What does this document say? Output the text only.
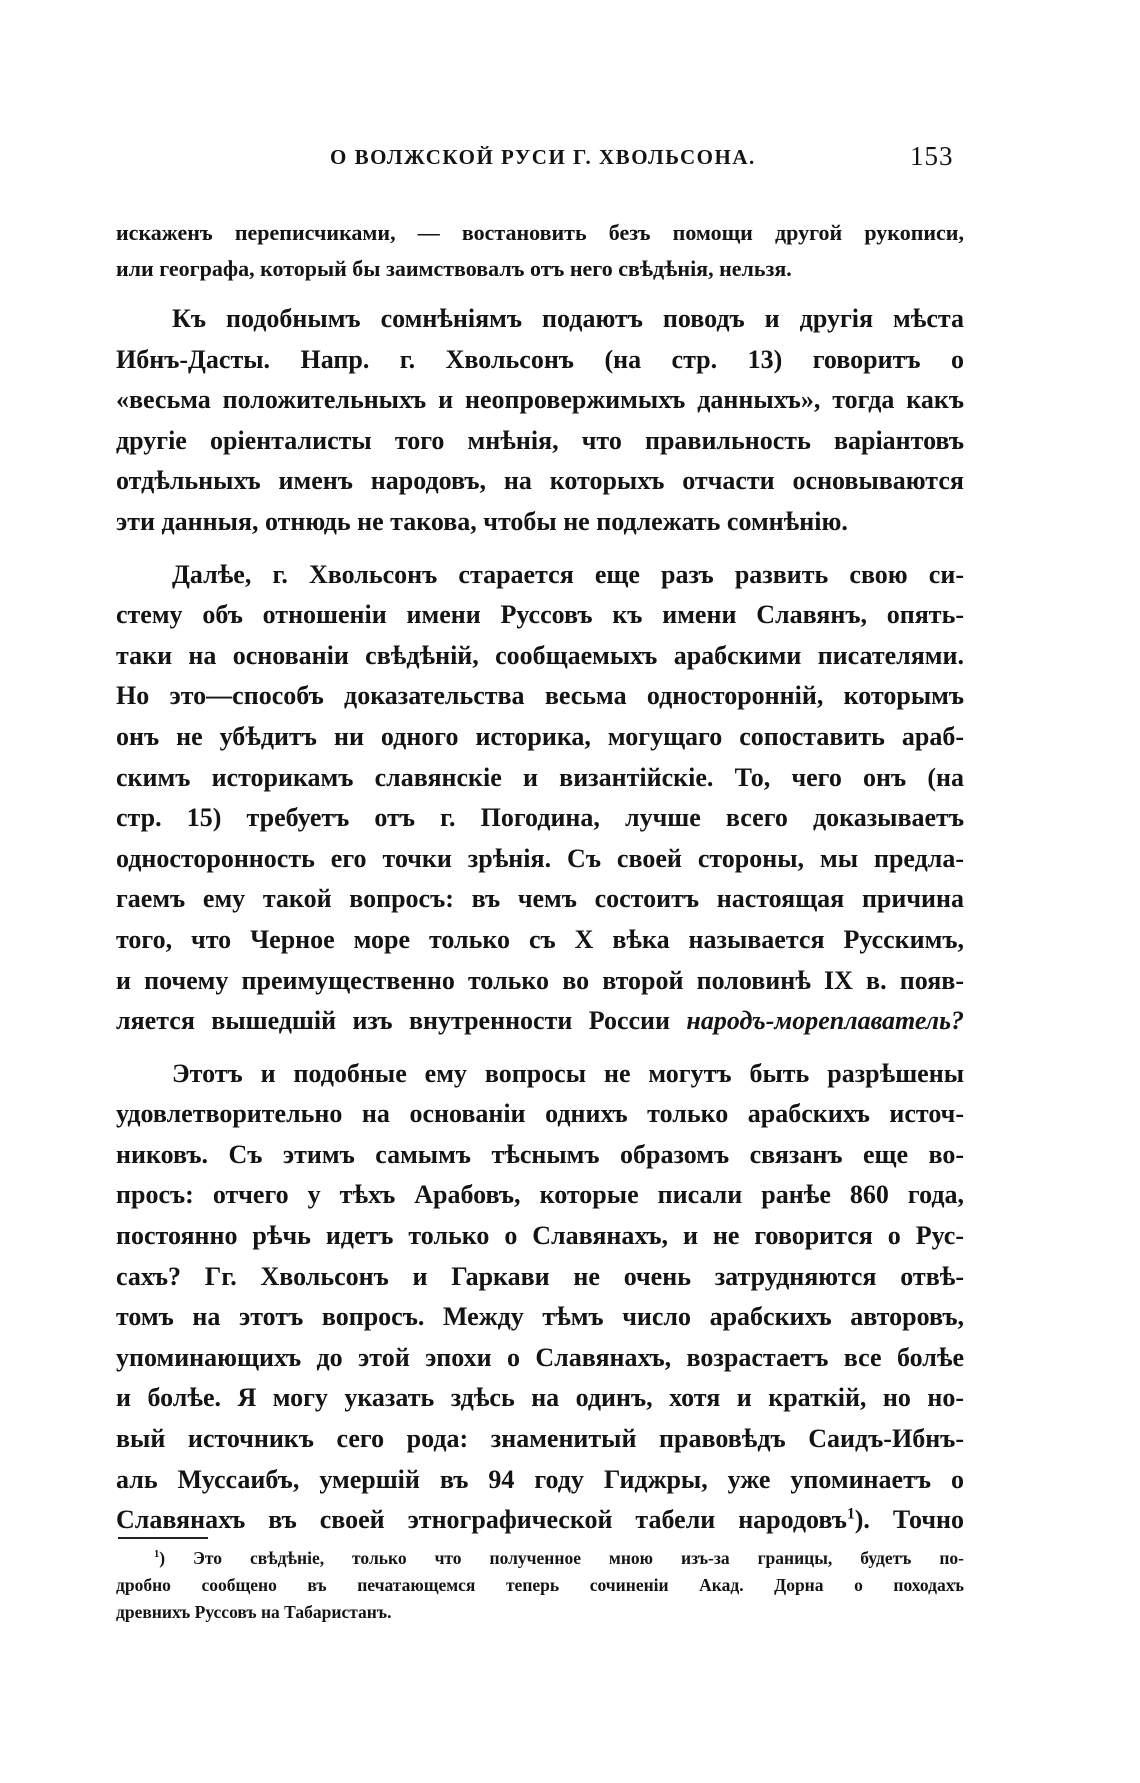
О ВОЛЖСКОЙ РУСИ Г. ХВОЛЬСОНА.	153
искаженъ переписчиками, — востановить безъ помощи другой рукописи,
или географа, который бы заимствовалъ отъ него свѣдѣнія, нельзя.
Къ подобнымъ сомнѣніямъ подаютъ поводъ и другія мѣста
Ибнъ-Дасты. Напр. г. Хвольсонъ (на стр. 13) говоритъ о
«весьма положительныхъ и неопровержимыхъ данныхъ», тогда какъ
другіе оріенталисты того мнѣнія, что правильность варіантовъ
отдѣльныхъ именъ народовъ, на которыхъ отчасти основываются
эти данныя, отнюдь не такова, чтобы не подлежать сомнѣнію.
Далѣе, г. Хвольсонъ старается еще разъ развить свою си-
стему объ отношеніи имени Руссовъ къ имени Славянъ, опять-
таки на основаніи свѣдѣній, сообщаемыхъ арабскими писателями.
Но это—способъ доказательства весьма односторонній, которымъ
онъ не убѣдитъ ни одного историка, могущаго сопоставить араб-
скимъ историкамъ славянскіе и византійскіе. То, чего онъ (на
стр. 15) требуетъ отъ г. Погодина, лучше всего доказываетъ
односторонность его точки зрѣнія. Съ своей стороны, мы предла-
гаемъ ему такой вопросъ: въ чемъ состоитъ настоящая причина
того, что Черное море только съ X вѣка называется Русскимъ,
и почему преимущественно только во второй половинѣ IX в. появ-
ляется вышедшій изъ внутренности России народъ-мореплаватель?
Этотъ и подобные ему вопросы не могутъ быть разрѣшены
удовлетворительно на основаніи однихъ только арабскихъ источ-
никовъ. Съ этимъ самымъ тѣснымъ образомъ связанъ еще во-
просъ: отчего у тѣхъ Арабовъ, которые писали ранѣе 860 года,
постоянно рѣчь идетъ только о Славянахъ, и не говорится о Рус-
сахъ? Гг. Хвольсонъ и Гаркави не очень затрудняются отвѣ-
томъ на этотъ вопросъ. Между тѣмъ число арабскихъ авторовъ,
упоминающихъ до этой эпохи о Славянахъ, возрастаетъ все болѣе
и болѣе. Я могу указать здѣсь на одинъ, хотя и краткій, но но-
вый источникъ сего рода: знаменитый правовѣдъ Саидъ-Ибнъ-
аль Муссаибъ, умершій въ 94 году Гиджры, уже упоминаетъ о
Славянахъ въ своей этнографической табели народовъ$^1$). Точно
$^1$) Это свѣдѣніе, только что полученное мною изъ-за границы, будетъ по-
дробно сообщено въ печатающемся теперь сочиненіи Акад. Дорна о походахъ
древнихъ Руссовъ на Табаристанъ.
